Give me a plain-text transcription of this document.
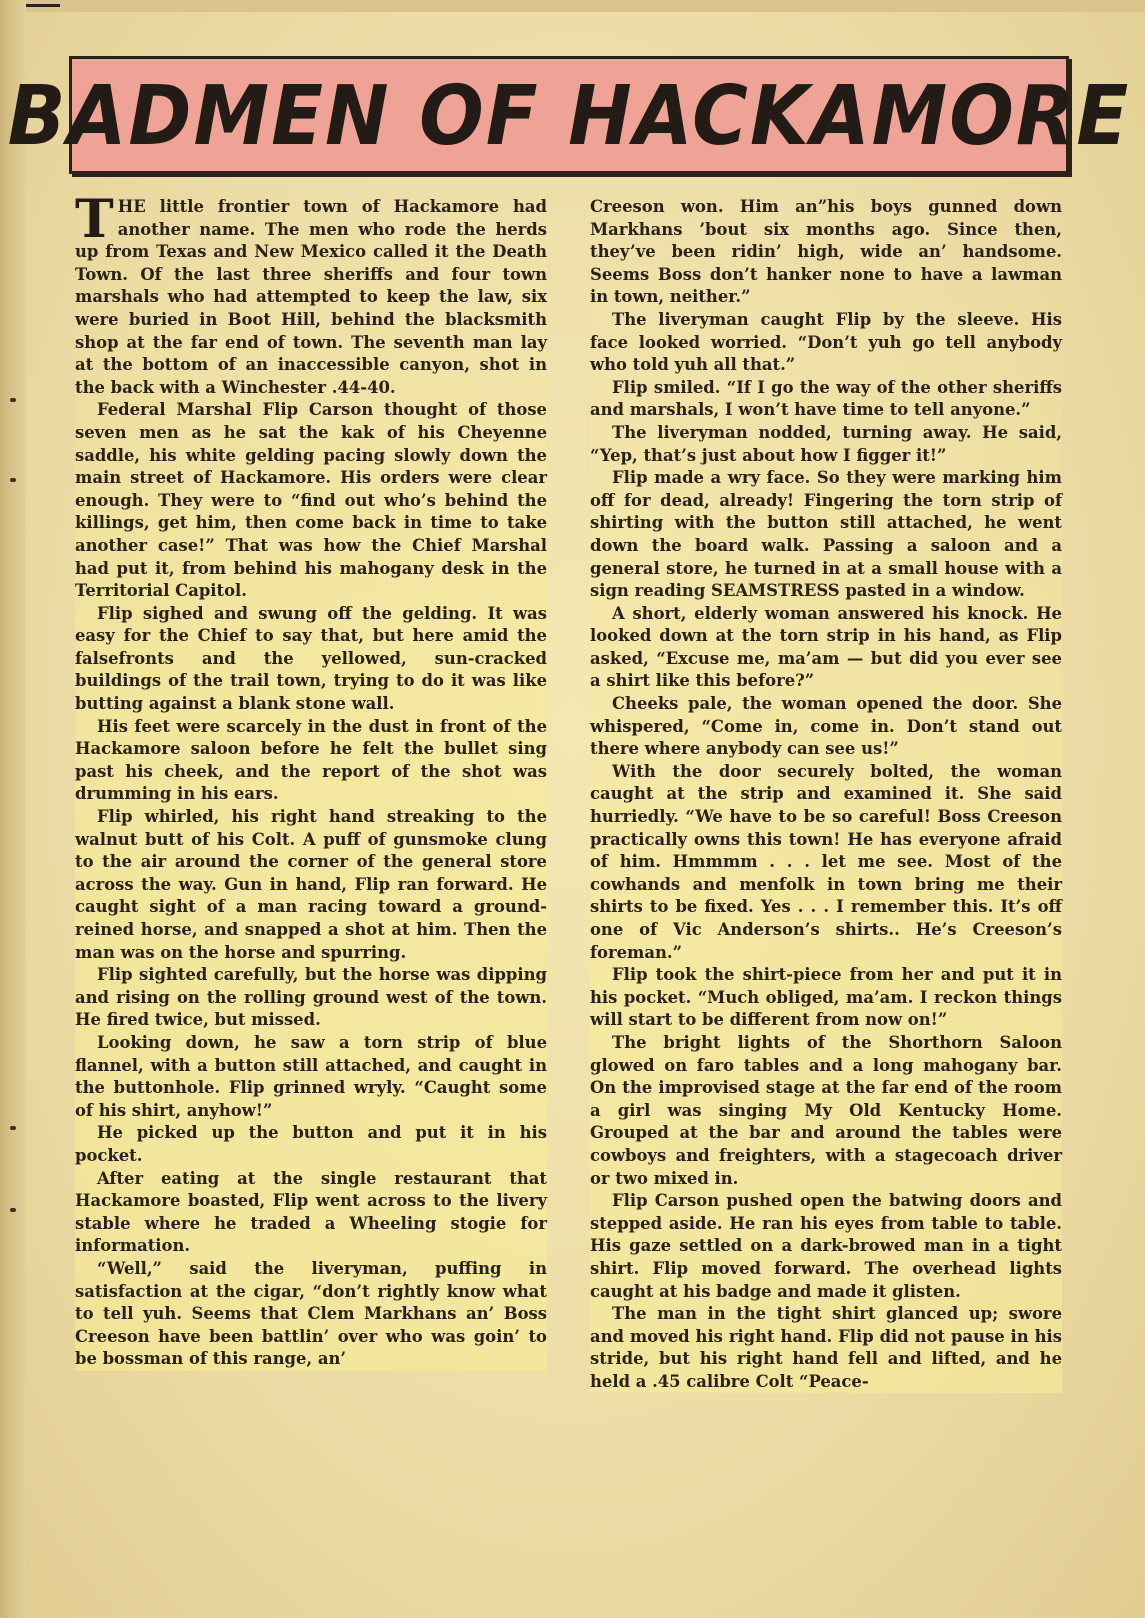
BADMEN OF HACKAMORE

THE little frontier town of Hackamore had another name. The men who rode the herds up from Texas and New Mexico called it the Death Town. Of the last three sheriffs and four town marshals who had attempted to keep the law, six were buried in Boot Hill, behind the blacksmith shop at the far end of town. The seventh man lay at the bottom of an inaccessible canyon, shot in the back with a Winchester .44-40.

Federal Marshal Flip Carson thought of those seven men as he sat the kak of his Cheyenne saddle, his white gelding pacing slowly down the main street of Hackamore. His orders were clear enough. They were to “find out who’s behind the killings, get him, then come back in time to take another case!” That was how the Chief Marshal had put it, from behind his mahogany desk in the Territorial Capitol.

Flip sighed and swung off the gelding. It was easy for the Chief to say that, but here amid the falsefronts and the yellowed, sun-cracked buildings of the trail town, trying to do it was like butting against a blank stone wall.

His feet were scarcely in the dust in front of the Hackamore saloon before he felt the bullet sing past his cheek, and the report of the shot was drumming in his ears.

Flip whirled, his right hand streaking to the walnut butt of his Colt. A puff of gunsmoke clung to the air around the corner of the general store across the way. Gun in hand, Flip ran forward. He caught sight of a man racing toward a ground-reined horse, and snapped a shot at him. Then the man was on the horse and spurring.

Flip sighted carefully, but the horse was dipping and rising on the rolling ground west of the town. He fired twice, but missed.

Looking down, he saw a torn strip of blue flannel, with a button still attached, and caught in the buttonhole. Flip grinned wryly. “Caught some of his shirt, anyhow!”

He picked up the button and put it in his pocket.

After eating at the single restaurant that Hackamore boasted, Flip went across to the livery stable where he traded a Wheeling stogie for information.

“Well,” said the liveryman, puffing in satisfaction at the cigar, “don’t rightly know what to tell yuh. Seems that Clem Markhans an’ Boss Creeson have been battlin’ over who was goin’ to be bossman of this range, an’

Creeson won. Him an”his boys gunned down Markhans ’bout six months ago. Since then, they’ve been ridin’ high, wide an’ handsome. Seems Boss don’t hanker none to have a lawman in town, neither.”

The liveryman caught Flip by the sleeve. His face looked worried. “Don’t yuh go tell anybody who told yuh all that.”

Flip smiled. “If I go the way of the other sheriffs and marshals, I won’t have time to tell anyone.”

The liveryman nodded, turning away. He said, “Yep, that’s just about how I figger it!”

Flip made a wry face. So they were marking him off for dead, already! Fingering the torn strip of shirting with the button still attached, he went down the board walk. Passing a saloon and a general store, he turned in at a small house with a sign reading SEAMSTRESS pasted in a window.

A short, elderly woman answered his knock. He looked down at the torn strip in his hand, as Flip asked, “Excuse me, ma’am — but did you ever see a shirt like this before?”

Cheeks pale, the woman opened the door. She whispered, “Come in, come in. Don’t stand out there where anybody can see us!”

With the door securely bolted, the woman caught at the strip and examined it. She said hurriedly. “We have to be so careful! Boss Creeson practically owns this town! He has everyone afraid of him. Hmmmm . . . let me see. Most of the cowhands and menfolk in town bring me their shirts to be fixed. Yes . . . I remember this. It’s off one of Vic Anderson’s shirts.. He’s Creeson’s foreman.”

Flip took the shirt-piece from her and put it in his pocket. “Much obliged, ma’am. I reckon things will start to be different from now on!”

The bright lights of the Shorthorn Saloon glowed on faro tables and a long mahogany bar. On the improvised stage at the far end of the room a girl was singing My Old Kentucky Home. Grouped at the bar and around the tables were cowboys and freighters, with a stagecoach driver or two mixed in.

Flip Carson pushed open the batwing doors and stepped aside. He ran his eyes from table to table. His gaze settled on a dark-browed man in a tight shirt. Flip moved forward. The overhead lights caught at his badge and made it glisten.

The man in the tight shirt glanced up; swore and moved his right hand. Flip did not pause in his stride, but his right hand fell and lifted, and he held a .45 calibre Colt “Peace-
